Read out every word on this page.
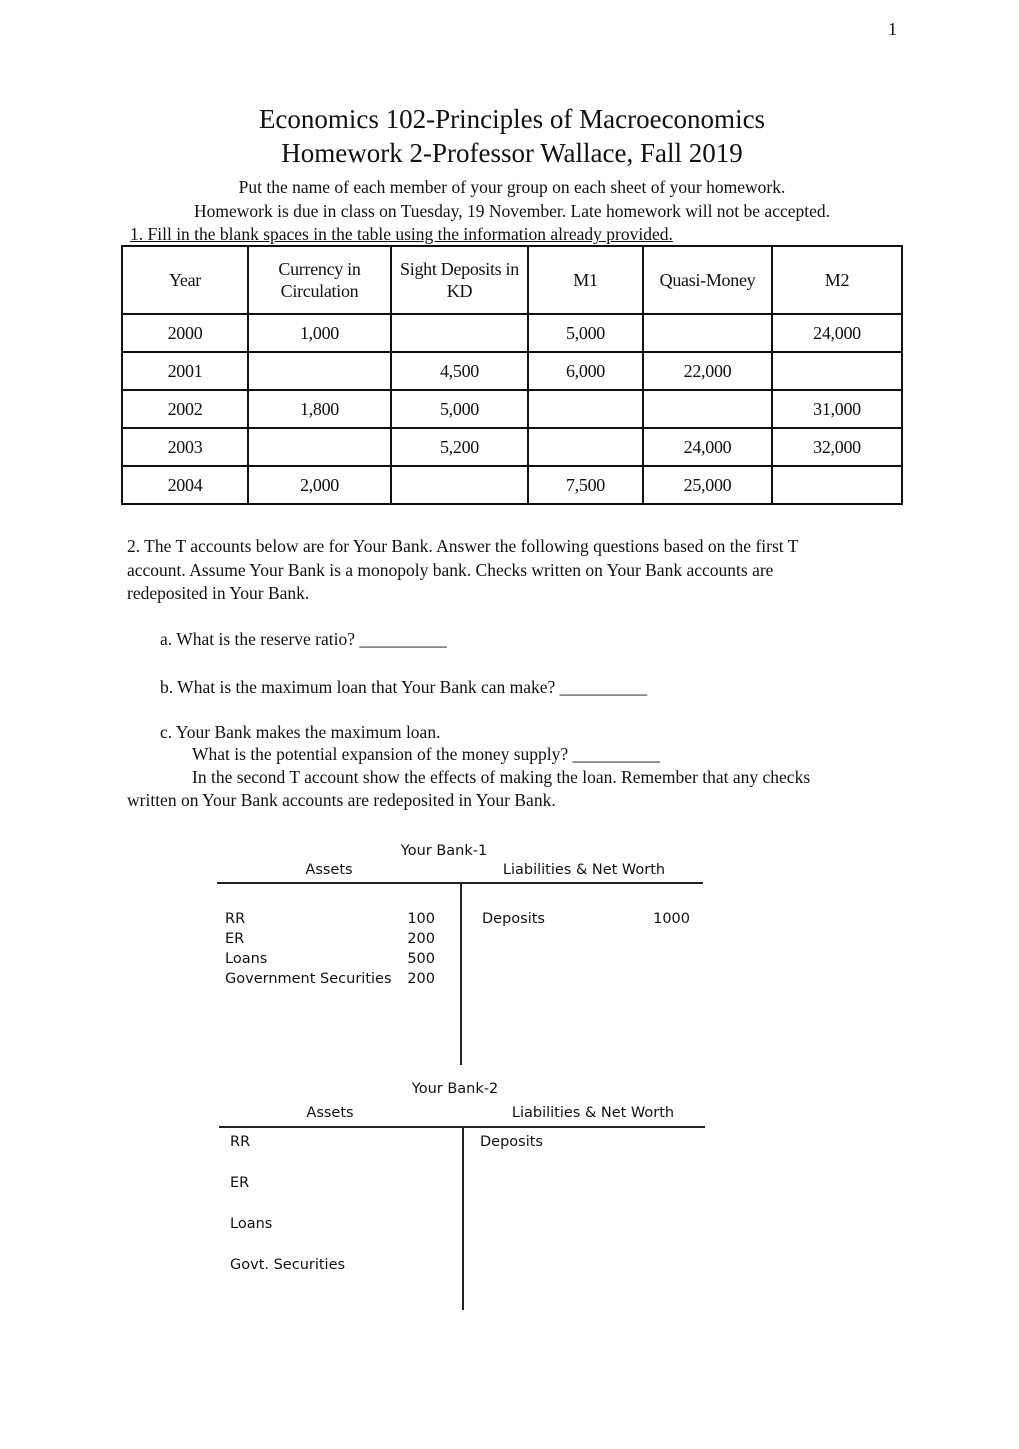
1
Economics 102-Principles of Macroeconomics
Homework 2-Professor Wallace, Fall 2019
Put the name of each member of your group on each sheet of your homework.
Homework is due in class on Tuesday, 19 November. Late homework will not be accepted.
1. Fill in the blank spaces in the table using the information already provided.
Year	Currency in Circulation	Sight Deposits in KD	M1	Quasi-Money	M2
2000	1,000		5,000		24,000
2001		4,500	6,000	22,000	
2002	1,800	5,000			31,000
2003		5,200		24,000	32,000
2004	2,000		7,500	25,000	
2. The T accounts below are for Your Bank. Answer the following questions based on the first T
account. Assume Your Bank is a monopoly bank. Checks written on Your Bank accounts are
redeposited in Your Bank.
a. What is the reserve ratio? __________
b. What is the maximum loan that Your Bank can make? __________
c. Your Bank makes the maximum loan.
What is the potential expansion of the money supply? __________
In the second T account show the effects of making the loan. Remember that any checks
written on Your Bank accounts are redeposited in Your Bank.
Your Bank-1
Assets	Liabilities & Net Worth
RR	100
ER	200
Loans	500
Government Securities 200
Deposits	1000
Your Bank-2
Assets	Liabilities & Net Worth
RR
ER
Loans
Govt. Securities
Deposits
